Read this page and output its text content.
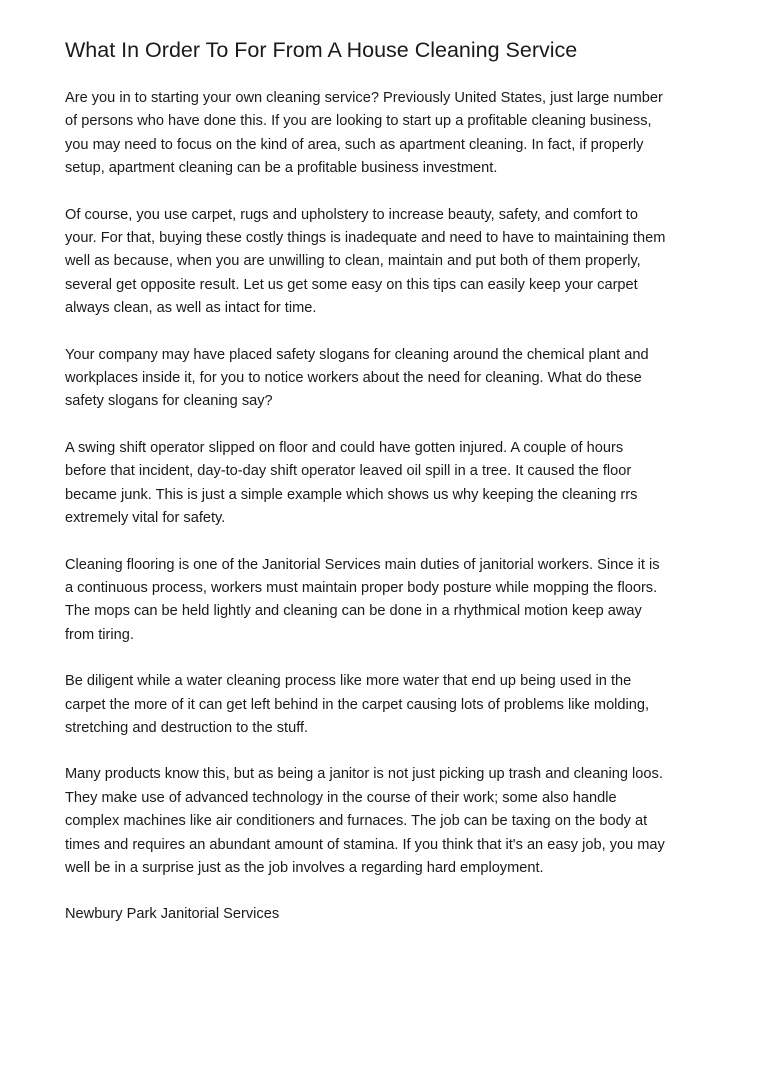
What In Order To For From A House Cleaning Service

Are you in to starting your own cleaning service? Previously United States, just large number
of persons who have done this. If you are looking to start up a profitable cleaning business,
you may need to focus on the kind of area, such as apartment cleaning. In fact, if properly
setup, apartment cleaning can be a profitable business investment.

Of course, you use carpet, rugs and upholstery to increase beauty, safety, and comfort to
your. For that, buying these costly things is inadequate and need to have to maintaining them
well as because, when you are unwilling to clean, maintain and put both of them properly,
several get opposite result. Let us get some easy on this tips can easily keep your carpet
always clean, as well as intact for time.

Your company may have placed safety slogans for cleaning around the chemical plant and
workplaces inside it, for you to notice workers about the need for cleaning. What do these
safety slogans for cleaning say?

A swing shift operator slipped on floor and could have gotten injured. A couple of hours
before that incident, day-to-day shift operator leaved oil spill in a tree. It caused the floor
became junk. This is just a simple example which shows us why keeping the cleaning rrs
extremely vital for safety.

Cleaning flooring is one of the Janitorial Services main duties of janitorial workers. Since it is
a continuous process, workers must maintain proper body posture while mopping the floors.
The mops can be held lightly and cleaning can be done in a rhythmical motion keep away
from tiring.

Be diligent while a water cleaning process like more water that end up being used in the
carpet the more of it can get left behind in the carpet causing lots of problems like molding,
stretching and destruction to the stuff.

Many products know this, but as being a janitor is not just picking up trash and cleaning loos.
They make use of advanced technology in the course of their work; some also handle
complex machines like air conditioners and furnaces. The job can be taxing on the body at
times and requires an abundant amount of stamina. If you think that it's an easy job, you may
well be in a surprise just as the job involves a regarding hard employment.

Newbury Park Janitorial Services
